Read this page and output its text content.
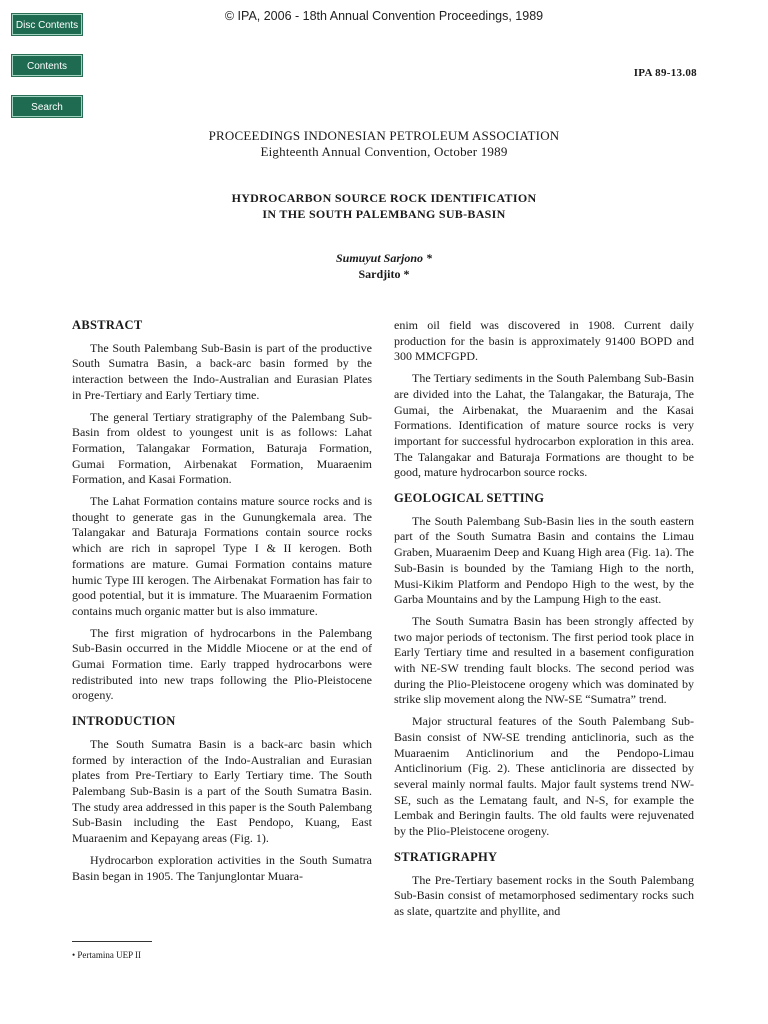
Disc Contents
Contents
Search
© IPA, 2006 - 18th Annual Convention Proceedings, 1989
IPA 89-13.08
PROCEEDINGS INDONESIAN PETROLEUM ASSOCIATION
Eighteenth Annual Convention, October 1989
HYDROCARBON SOURCE ROCK IDENTIFICATION
IN THE SOUTH PALEMBANG SUB-BASIN
Sumuyut Sarjono *
Sardjito *
ABSTRACT

The South Palembang Sub-Basin is part of the productive South Sumatra Basin, a back-arc basin formed by the interaction between the Indo-Australian and Eurasian Plates in Pre-Tertiary and Early Tertiary time.

The general Tertiary stratigraphy of the Palembang Sub-Basin from oldest to youngest unit is as follows: Lahat Formation, Talangakar Formation, Baturaja Formation, Gumai Formation, Airbenakat Formation, Muaraenim Formation, and Kasai Formation.

The Lahat Formation contains mature source rocks and is thought to generate gas in the Gunungkemala area. The Talangakar and Baturaja Formations contain source rocks which are rich in sapropel Type I & II kerogen. Both formations are mature. Gumai Formation contains mature humic Type III kerogen. The Airbenakat Formation has fair to good potential, but it is immature. The Muaraenim Formation contains much organic matter but is also immature.

The first migration of hydrocarbons in the Palembang Sub-Basin occurred in the Middle Miocene or at the end of Gumai Formation time. Early trapped hydrocarbons were redistributed into new traps following the Plio-Pleistocene orogeny.

INTRODUCTION

The South Sumatra Basin is a back-arc basin which formed by interaction of the Indo-Australian and Eurasian plates from Pre-Tertiary to Early Tertiary time. The South Palembang Sub-Basin is a part of the South Sumatra Basin. The study area addressed in this paper is the South Palembang Sub-Basin including the East Pendopo, Kuang, East Muaraenim and Kepayang areas (Fig. 1).

Hydrocarbon exploration activities in the South Sumatra Basin began in 1905. The Tanjunglontar Muara-

• Pertamina UEP II

enim oil field was discovered in 1908. Current daily production for the basin is approximately 91400 BOPD and 300 MMCFGPD.

The Tertiary sediments in the South Palembang Sub-Basin are divided into the Lahat, the Talangakar, the Baturaja, The Gumai, the Airbenakat, the Muaraenim and the Kasai Formations. Identification of mature source rocks is very important for successful hydrocarbon exploration in this area. The Talangakar and Baturaja Formations are thought to be good, mature hydrocarbon source rocks.

GEOLOGICAL SETTING

The South Palembang Sub-Basin lies in the south eastern part of the South Sumatra Basin and contains the Limau Graben, Muaraenim Deep and Kuang High area (Fig. 1a). The Sub-Basin is bounded by the Tamiang High to the north, Musi-Kikim Platform and Pendopo High to the west, by the Garba Mountains and by the Lampung High to the east.

The South Sumatra Basin has been strongly affected by two major periods of tectonism. The first period took place in Early Tertiary time and resulted in a basement configuration with NE-SW trending fault blocks. The second period was during the Plio-Pleistocene orogeny which was dominated by strike slip movement along the NW-SE “Sumatra” trend.

Major structural features of the South Palembang Sub-Basin consist of NW-SE trending anticlinoria, such as the Muaraenim Anticlinorium and the Pendopo-Limau Anticlinorium (Fig. 2). These anticlinoria are dissected by several mainly normal faults. Major fault systems trend NW-SE, such as the Lematang fault, and N-S, for example the Lembak and Beringin faults. The old faults were rejuvenated by the Plio-Pleistocene orogeny.

STRATIGRAPHY

The Pre-Tertiary basement rocks in the South Palembang Sub-Basin consist of metamorphosed sedimentary rocks such as slate, quartzite and phyllite, and
